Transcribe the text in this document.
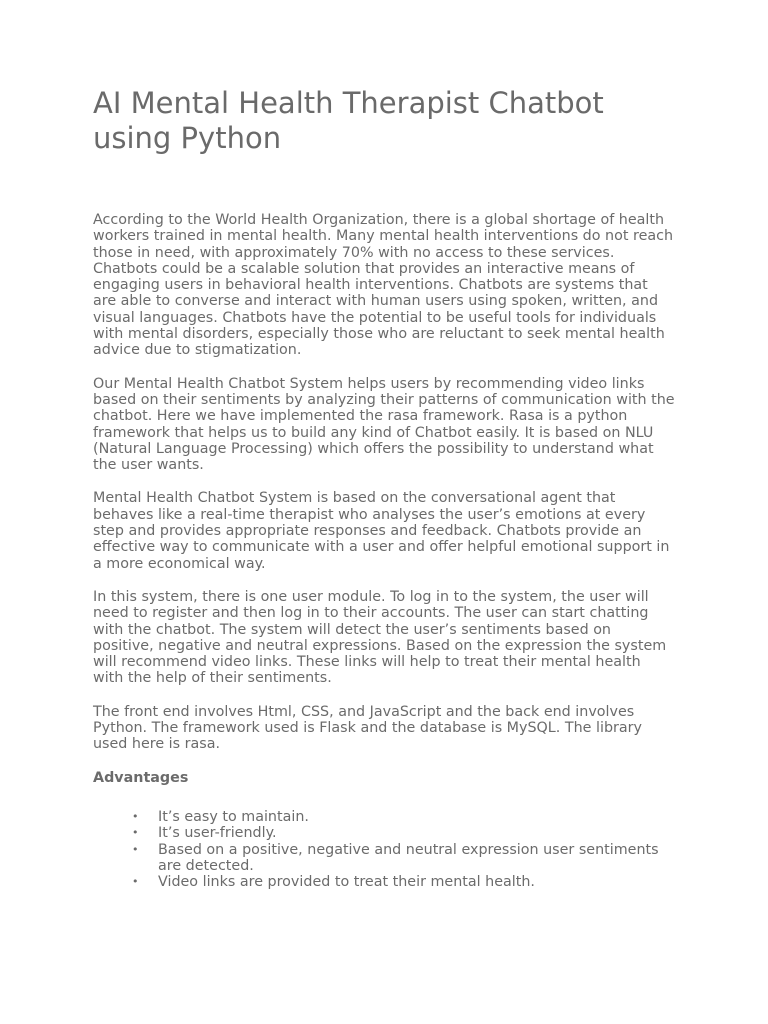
AI Mental Health Therapist Chatbot using Python

According to the World Health Organization, there is a global shortage of health workers trained in mental health. Many mental health interventions do not reach those in need, with approximately 70% with no access to these services. Chatbots could be a scalable solution that provides an interactive means of engaging users in behavioral health interventions. Chatbots are systems that are able to converse and interact with human users using spoken, written, and visual languages. Chatbots have the potential to be useful tools for individuals with mental disorders, especially those who are reluctant to seek mental health advice due to stigmatization.

Our Mental Health Chatbot System helps users by recommending video links based on their sentiments by analyzing their patterns of communication with the chatbot. Here we have implemented the rasa framework. Rasa is a python framework that helps us to build any kind of Chatbot easily. It is based on NLU (Natural Language Processing) which offers the possibility to understand what the user wants.

Mental Health Chatbot System is based on the conversational agent that behaves like a real-time therapist who analyses the user’s emotions at every step and provides appropriate responses and feedback. Chatbots provide an effective way to communicate with a user and offer helpful emotional support in a more economical way.

In this system, there is one user module. To log in to the system, the user will need to register and then log in to their accounts. The user can start chatting with the chatbot. The system will detect the user’s sentiments based on positive, negative and neutral expressions. Based on the expression the system will recommend video links. These links will help to treat their mental health with the help of their sentiments.

The front end involves Html, CSS, and JavaScript and the back end involves Python. The framework used is Flask and the database is MySQL. The library used here is rasa.

Advantages
• It’s easy to maintain.
• It’s user-friendly.
• Based on a positive, negative and neutral expression user sentiments are detected.
• Video links are provided to treat their mental health.
